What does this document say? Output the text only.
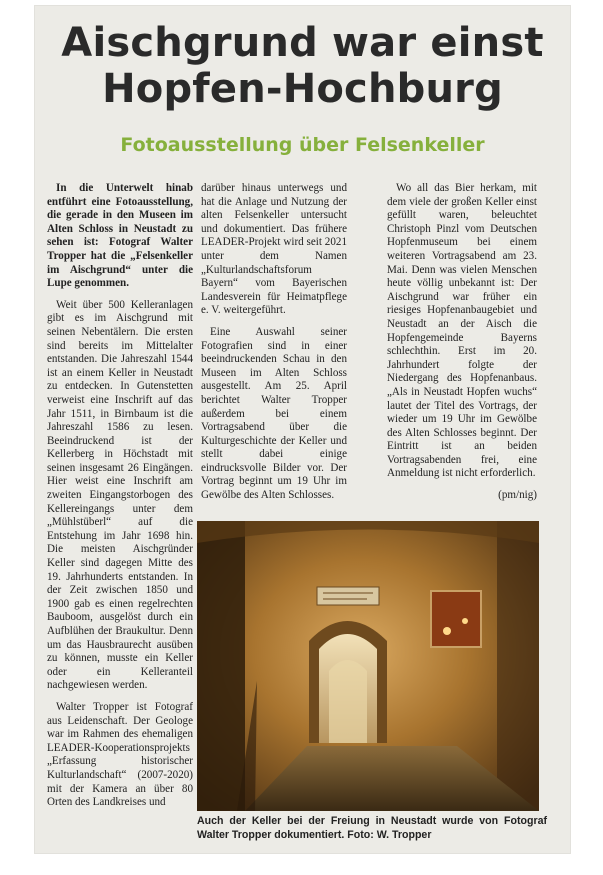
Aischgrund war einst
Hopfen-Hochburg
Fotoausstellung über Felsenkeller

In die Unterwelt hinab entführt eine Fotoausstellung, die gerade in den Museen im Alten Schloss in Neustadt zu sehen ist: Fotograf Walter Tropper hat die „Felsenkeller im Aischgrund“ unter die Lupe genommen.

Weit über 500 Kelleranlagen gibt es im Aischgrund mit seinen Nebentälern. Die ersten sind bereits im Mittelalter entstanden. Die Jahreszahl 1544 ist an einem Keller in Neustadt zu entdecken. In Gutenstetten verweist eine Inschrift auf das Jahr 1511, in Birnbaum ist die Jahreszahl 1586 zu lesen. Beeindruckend ist der Kellerberg in Höchstadt mit seinen insgesamt 26 Eingängen. Hier weist eine Inschrift am zweiten Eingangstorbogen des Kellereingangs unter dem „Mühlstüberl“ auf die Entstehung im Jahr 1698 hin. Die meisten Aischgründer Keller sind dagegen Mitte des 19. Jahrhunderts entstanden. In der Zeit zwischen 1850 und 1900 gab es einen regelrechten Bauboom, ausgelöst durch ein Aufblühen der Braukultur. Denn um das Hausbraurecht ausüben zu können, musste ein Keller oder ein Kelleranteil nachgewiesen werden.

Walter Tropper ist Fotograf aus Leidenschaft. Der Geologe war im Rahmen des ehemaligen LEADER-Kooperationsprojekts „Erfassung historischer Kulturlandschaft“ (2007-2020) mit der Kamera an über 80 Orten des Landkreises und

darüber hinaus unterwegs und hat die Anlage und Nutzung der alten Felsenkeller untersucht und dokumentiert. Das frühere LEADER-Projekt wird seit 2021 unter dem Namen „Kulturlandschaftsforum Bayern“ vom Bayerischen Landesverein für Heimatpflege e. V. weitergeführt.

Eine Auswahl seiner Fotografien sind in einer beeindruckenden Schau in den Museen im Alten Schloss ausgestellt. Am 25. April berichtet Walter Tropper außerdem bei einem Vortragsabend über die Kulturgeschichte der Keller und stellt dabei einige eindrucksvolle Bilder vor. Der Vortrag beginnt um 19 Uhr im Gewölbe des Alten Schlosses.

Wo all das Bier herkam, mit dem viele der großen Keller einst gefüllt waren, beleuchtet Christoph Pinzl vom Deutschen Hopfenmuseum bei einem weiteren Vortragsabend am 23. Mai. Denn was vielen Menschen heute völlig unbekannt ist: Der Aischgrund war früher ein riesiges Hopfenanbaugebiet und Neustadt an der Aisch die Hopfengemeinde Bayerns schlechthin. Erst im 20. Jahrhundert folgte der Niedergang des Hopfenanbaus. „Als in Neustadt Hopfen wuchs“ lautet der Titel des Vortrags, der wieder um 19 Uhr im Gewölbe des Alten Schlosses beginnt. Der Eintritt ist an beiden Vortragsabenden frei, eine Anmeldung ist nicht erforderlich.

(pm/nig)
Auch der Keller bei der Freiung in Neustadt wurde von Fotograf Walter Tropper dokumentiert. Foto: W. Tropper
